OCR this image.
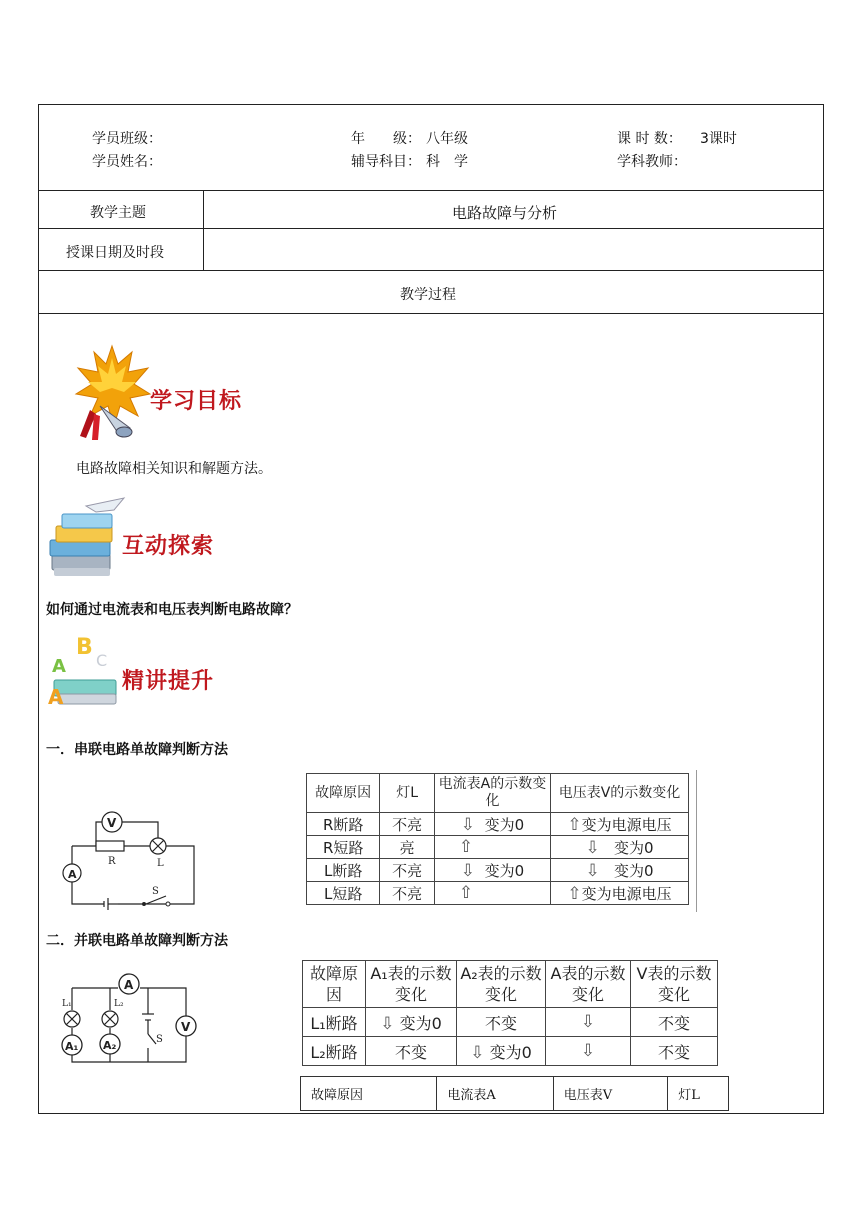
学员班级：
学员姓名：
年　　级： 八年级
辅导科目： 科　学
课 时 数： 3课时
学科教师：
教学主题	电路故障与分析
授课日期及时段
教学过程
学习目标
电路故障相关知识和解题方法。
互动探索
如何通过电流表和电压表判断电路故障？
B
A C
A
精讲提升
一．串联电路单故障判断方法
V
A
R	L
S
故障原因	灯L	电流表A的示数变化	电压表V的示数变化
R断路	不亮	⇩ 变为0	⇧变为电源电压
R短路	亮	⇧	⇩ 变为0
L断路	不亮	⇩ 变为0	⇩ 变为0
L短路	不亮	⇧	⇧变为电源电压
二．并联电路单故障判断方法
A
L₁	L₂
A₁ A₂
V
S
故障原因	A₁表的示数变化	A₂表的示数变化	A表的示数变化	V表的示数变化
L₁断路	⇩ 变为0	不变	⇩	不变
L₂断路	不变	⇩ 变为0	⇩	不变
故障原因	电流表A	电压表V	灯L
